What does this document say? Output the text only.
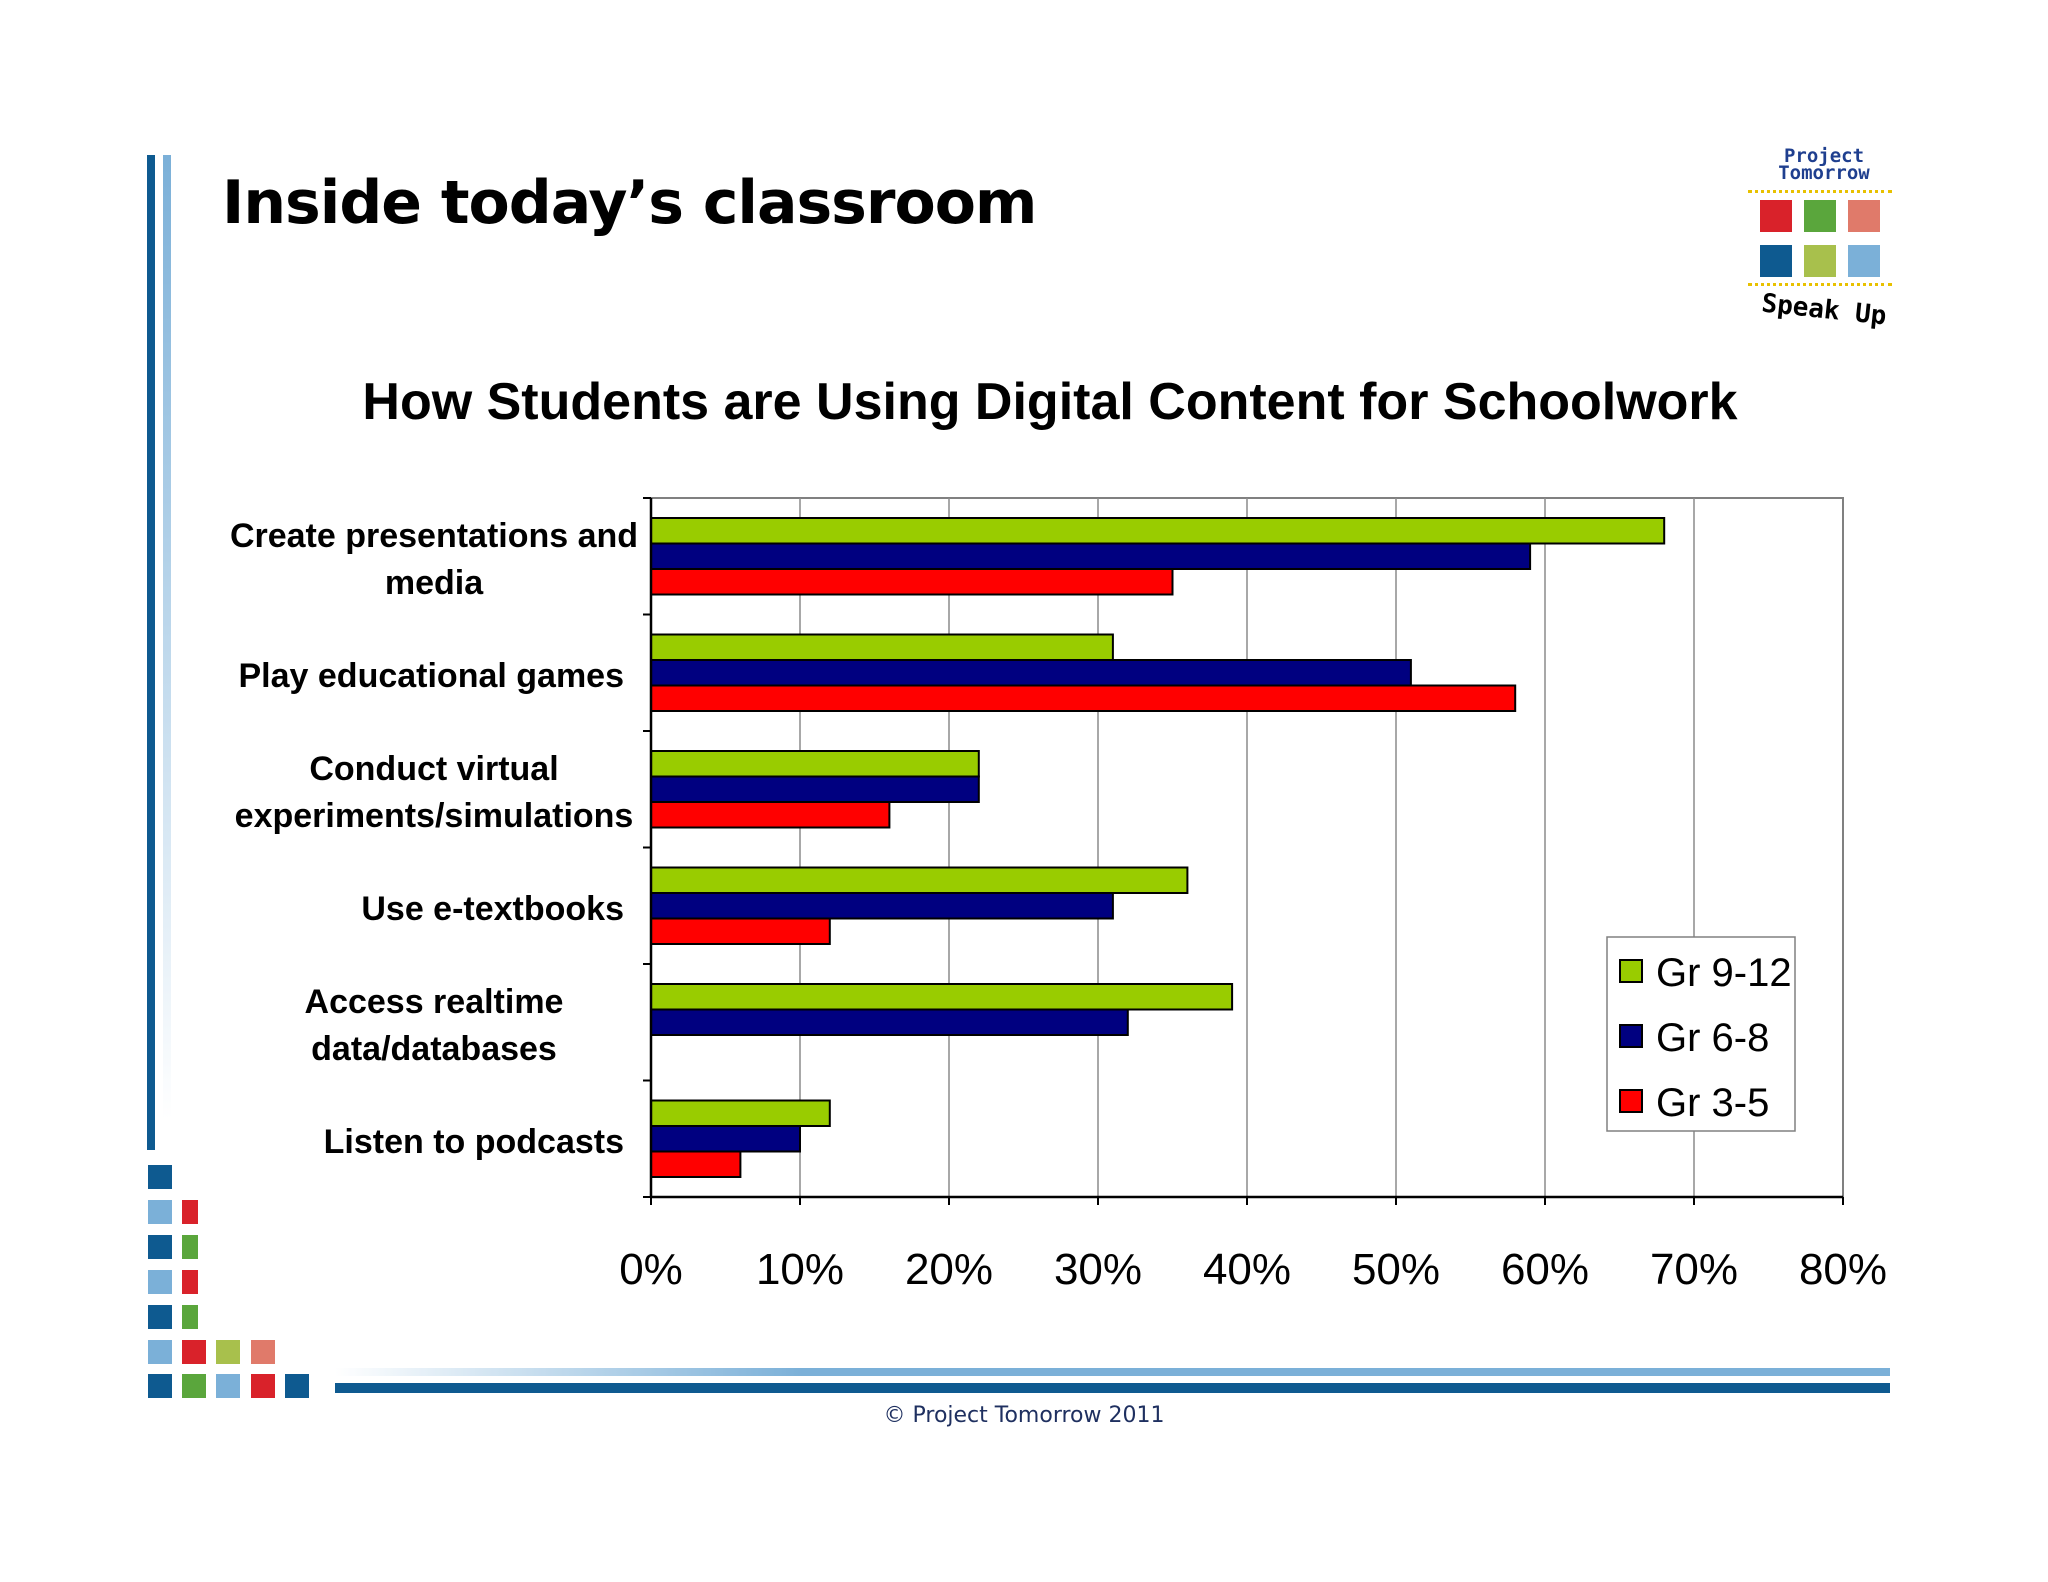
Inside today’s classroom
Project
Tomorrow
Speak Up
How Students are Using Digital Content for Schoolwork
Create presentations and media
Play educational games
Conduct virtual experiments/simulations
Use e-textbooks
Access realtime data/databases
Listen to podcasts
0% 10% 20% 30% 40% 50% 60% 70% 80%
Gr 9-12
Gr 6-8
Gr 3-5
© Project Tomorrow 2011
